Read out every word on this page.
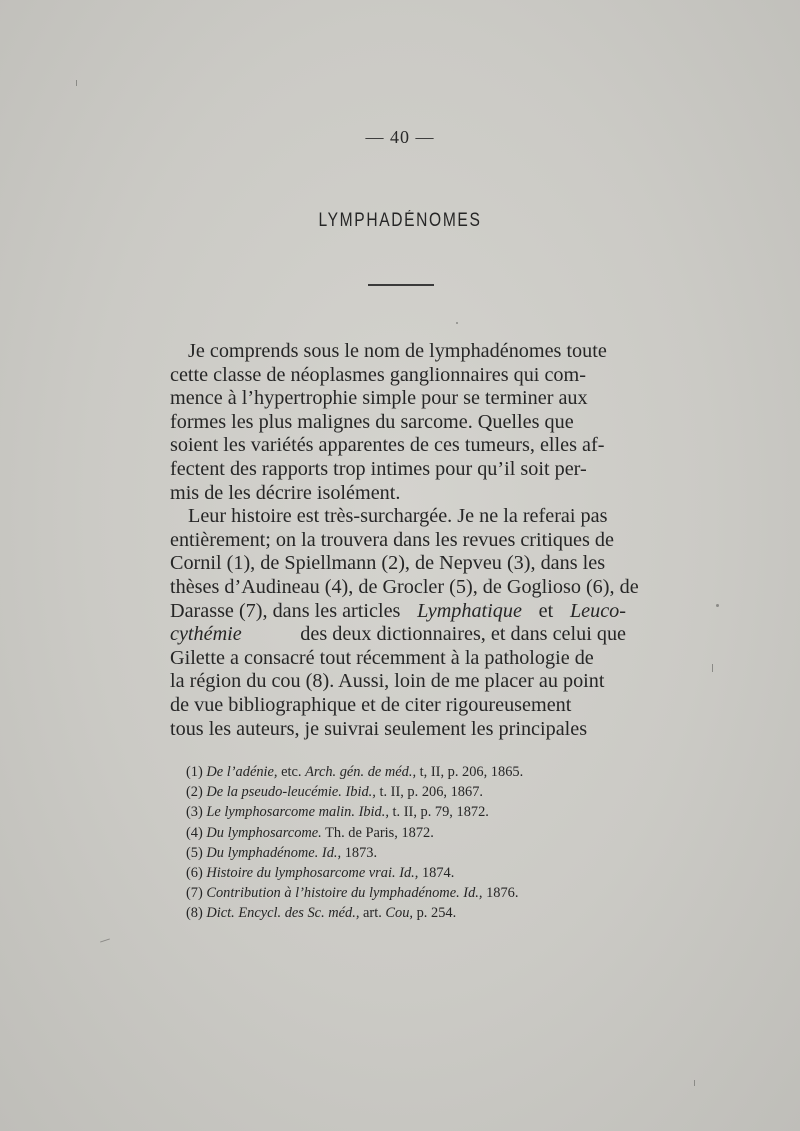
— 40 —
LYMPHADÉNOMES
Je comprends sous le nom de lymphadénomes toute
cette classe de néoplasmes ganglionnaires qui com-
mence à l’hypertrophie simple pour se terminer aux
formes les plus malignes du sarcome. Quelles que
soient les variétés apparentes de ces tumeurs, elles af-
fectent des rapports trop intimes pour qu’il soit per-
mis de les décrire isolément.
Leur histoire est très-surchargée. Je ne la referai pas
entièrement; on la trouvera dans les revues critiques de
Cornil (1), de Spiellmann (2), de Nepveu (3), dans les
thèses d’Audineau (4), de Grocler (5), de Goglioso (6), de
Darasse (7), dans les articles Lymphatique et Leuco-
cythémie	des deux dictionnaires, et dans celui que
Gilette a consacré tout récemment à la pathologie de
la région du cou (8). Aussi, loin de me placer au point
de vue bibliographique et de citer rigoureusement
tous les auteurs, je suivrai seulement les principales
(1) De l’adénie, etc. Arch. gén. de méd., t, II, p. 206, 1865.
(2) De la pseudo-leucémie. Ibid., t. II, p. 206, 1867.
(3) Le lymphosarcome malin. Ibid., t. II, p. 79, 1872.
(4) Du lymphosarcome. Th. de Paris, 1872.
(5) Du lymphadénome. Id., 1873.
(6) Histoire du lymphosarcome vrai. Id., 1874.
(7) Contribution à l’histoire du lymphadénome. Id., 1876.
(8) Dict. Encycl. des Sc. méd., art. Cou, p. 254.
